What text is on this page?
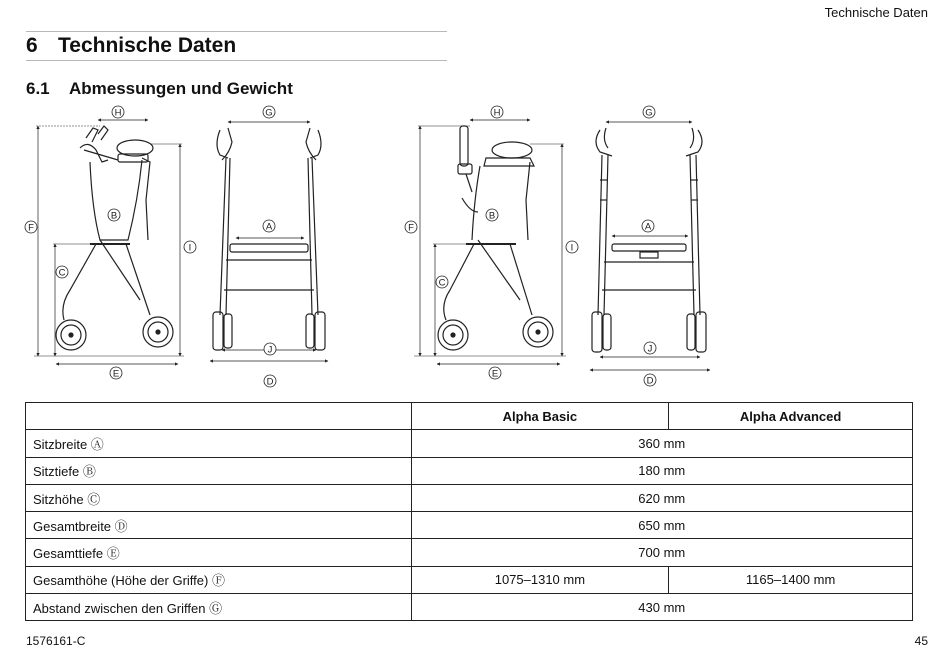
Technische Daten
6 Technische Daten
6.1 Abmessungen und Gewicht
H
B
F
C
I
E
G
A
J
D
H
B
F
C
I
E
G
A
J
D
	Alpha Basic	Alpha Advanced
Sitzbreite Ⓐ	360 mm	
Sitztiefe Ⓑ	180 mm	
Sitzhöhe Ⓒ	620 mm	
Gesamtbreite Ⓓ	650 mm	
Gesamttiefe Ⓔ	700 mm	
Gesamthöhe (Höhe der Griffe) Ⓕ	1075–1310 mm	1165–1400 mm
Abstand zwischen den Griffen Ⓖ	430 mm	
1576161-C	45
